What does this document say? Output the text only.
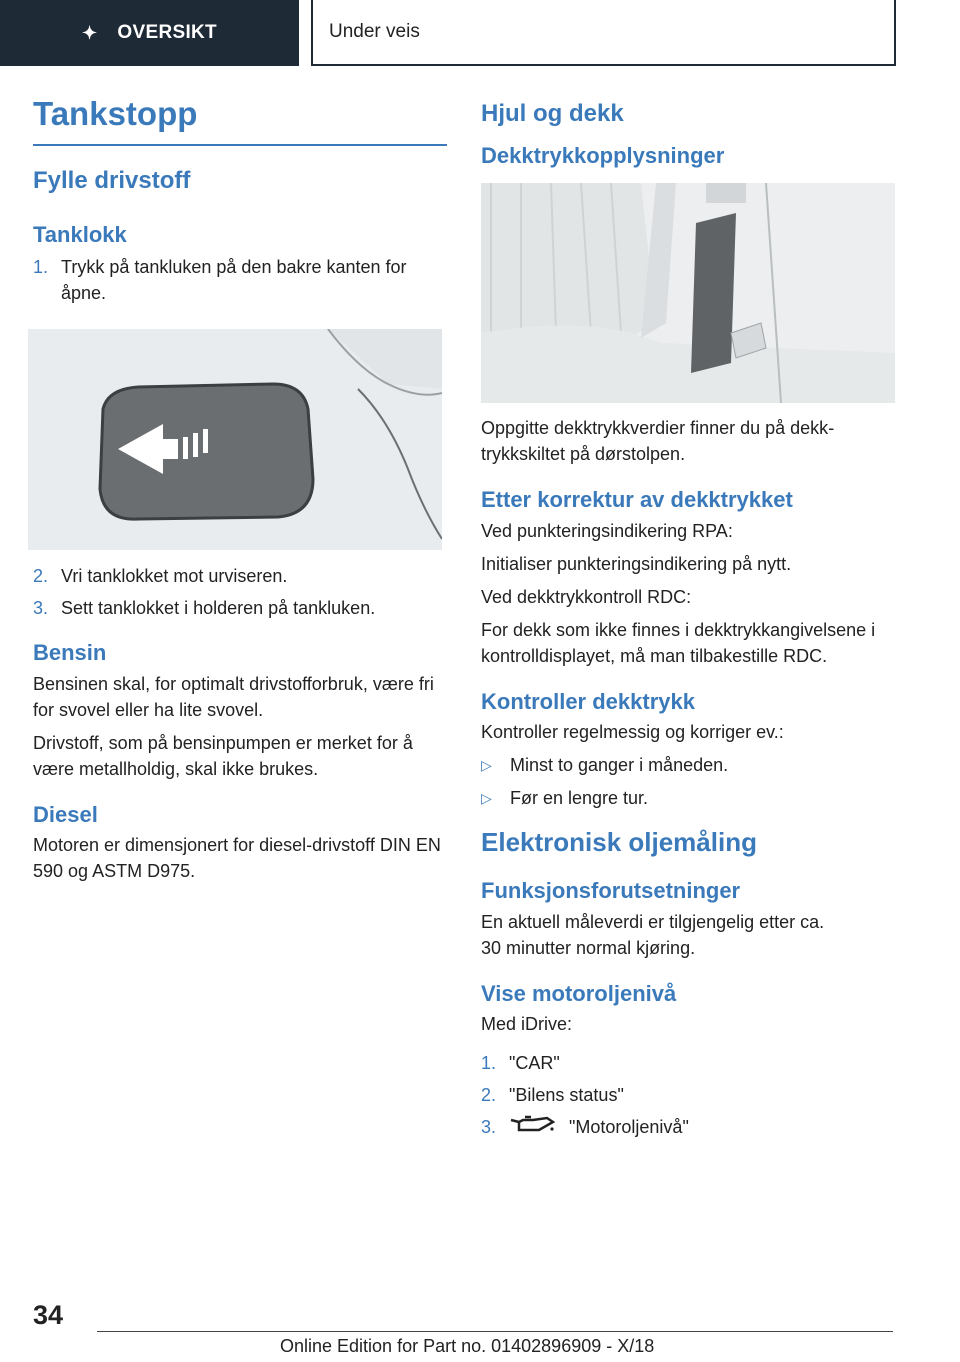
✦ OVERSIKT	Under veis
Tankstopp
Fylle drivstoff
Tanklokk
1. Trykk på tankluken på den bakre kanten for åpne.
2. Vri tanklokket mot urviseren.
3. Sett tanklokket i holderen på tankluken.
Bensin

Bensinen skal, for optimalt drivstofforbruk, være fri for svovel eller ha lite svovel.

Drivstoff, som på bensinpumpen er merket for å være metallholdig, skal ikke brukes.

Diesel

Motoren er dimensjonert for diesel-drivstoff DIN EN 590 og ASTM D975.

Hjul og dekk
Dekktrykkopplysninger

Oppgitte dekktrykkverdier finner du på dekktrykkskiltet på dørstolpen.

Etter korrektur av dekktrykket

Ved punkteringsindikering RPA:

Initialiser punkteringsindikering på nytt.

Ved dekktrykkontroll RDC:

For dekk som ikke finnes i dekktrykkangivelsene i kontrolldisplayet, må man tilbakestille RDC.

Kontroller dekktrykk

Kontroller regelmessig og korriger ev.:

▷	Minst to ganger i måneden.
▷	Før en lengre tur.
Elektronisk oljemåling
Funksjonsforutsetninger

En aktuell måleverdi er tilgjengelig etter ca.

30 minutter normal kjøring.

Vise motoroljenivå

Med iDrive:

1. "CAR"
2. "Bilens status"
3.	"Motoroljenivå"
34
Online Edition for Part no. 01402896909 - X/18
